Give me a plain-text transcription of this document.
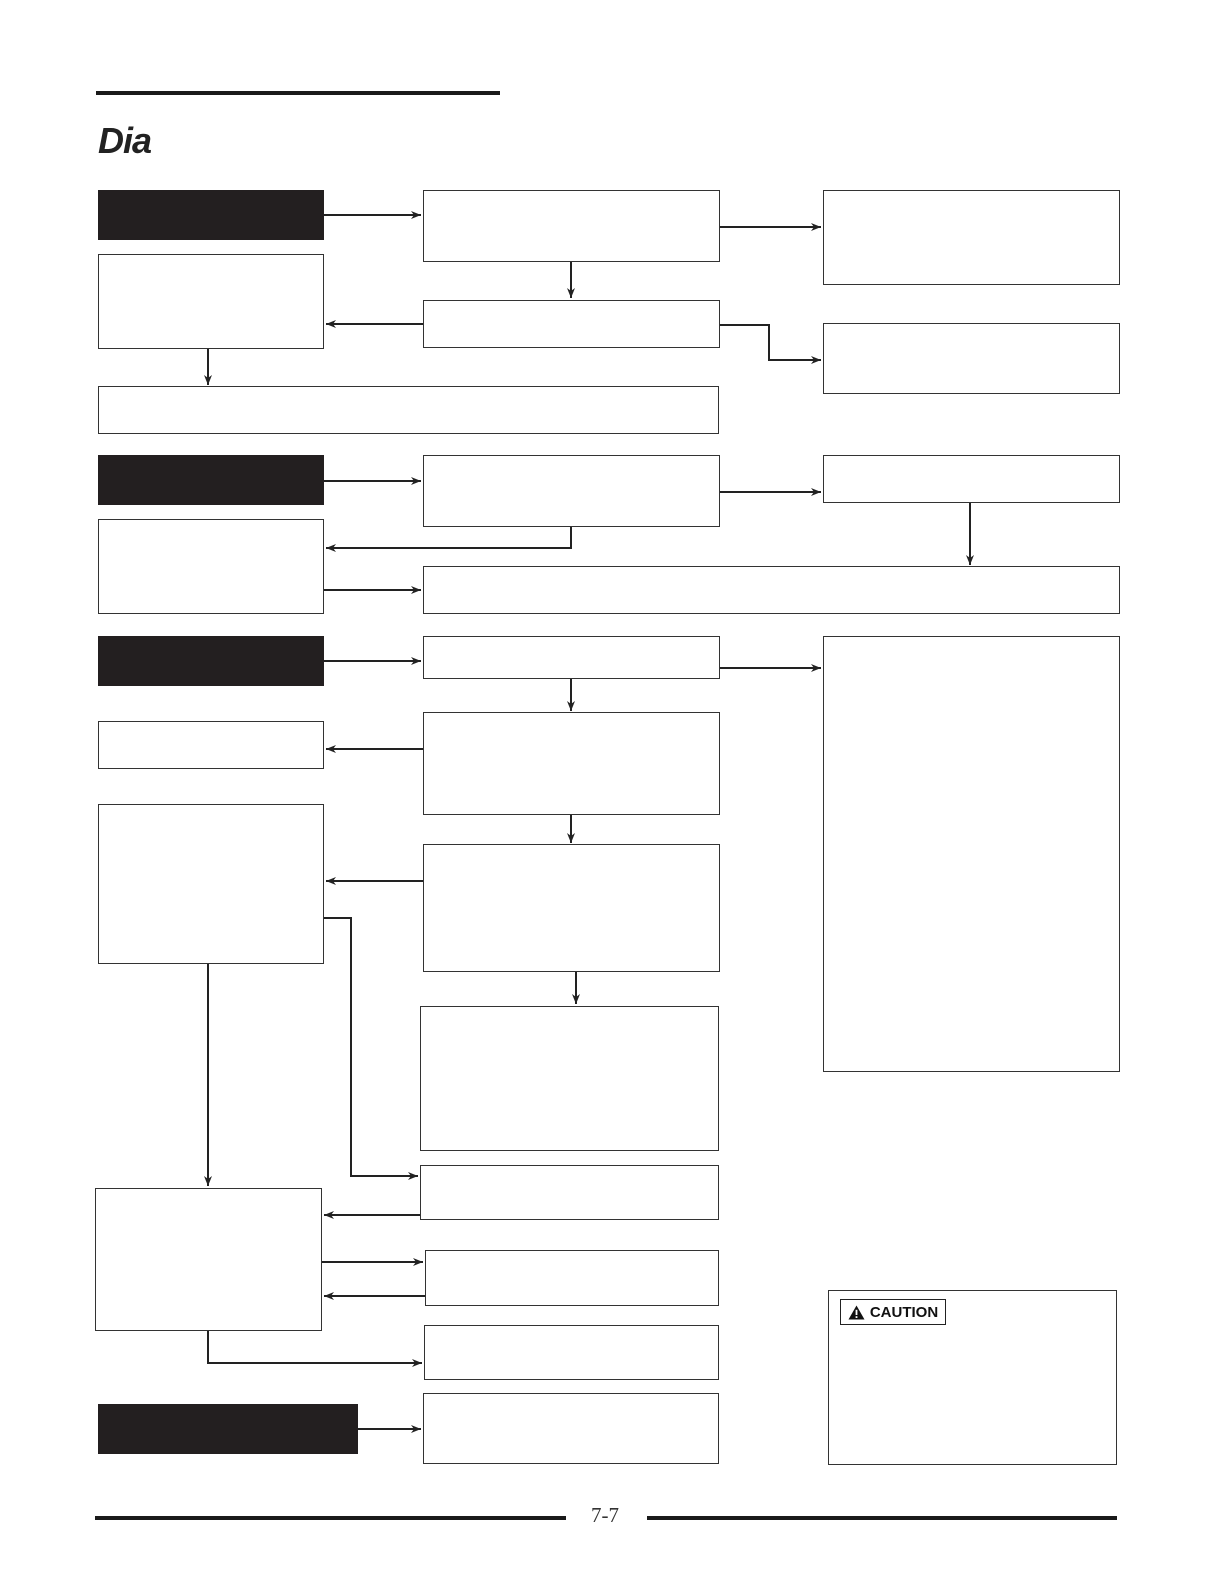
Dia
CAUTION
7-7
